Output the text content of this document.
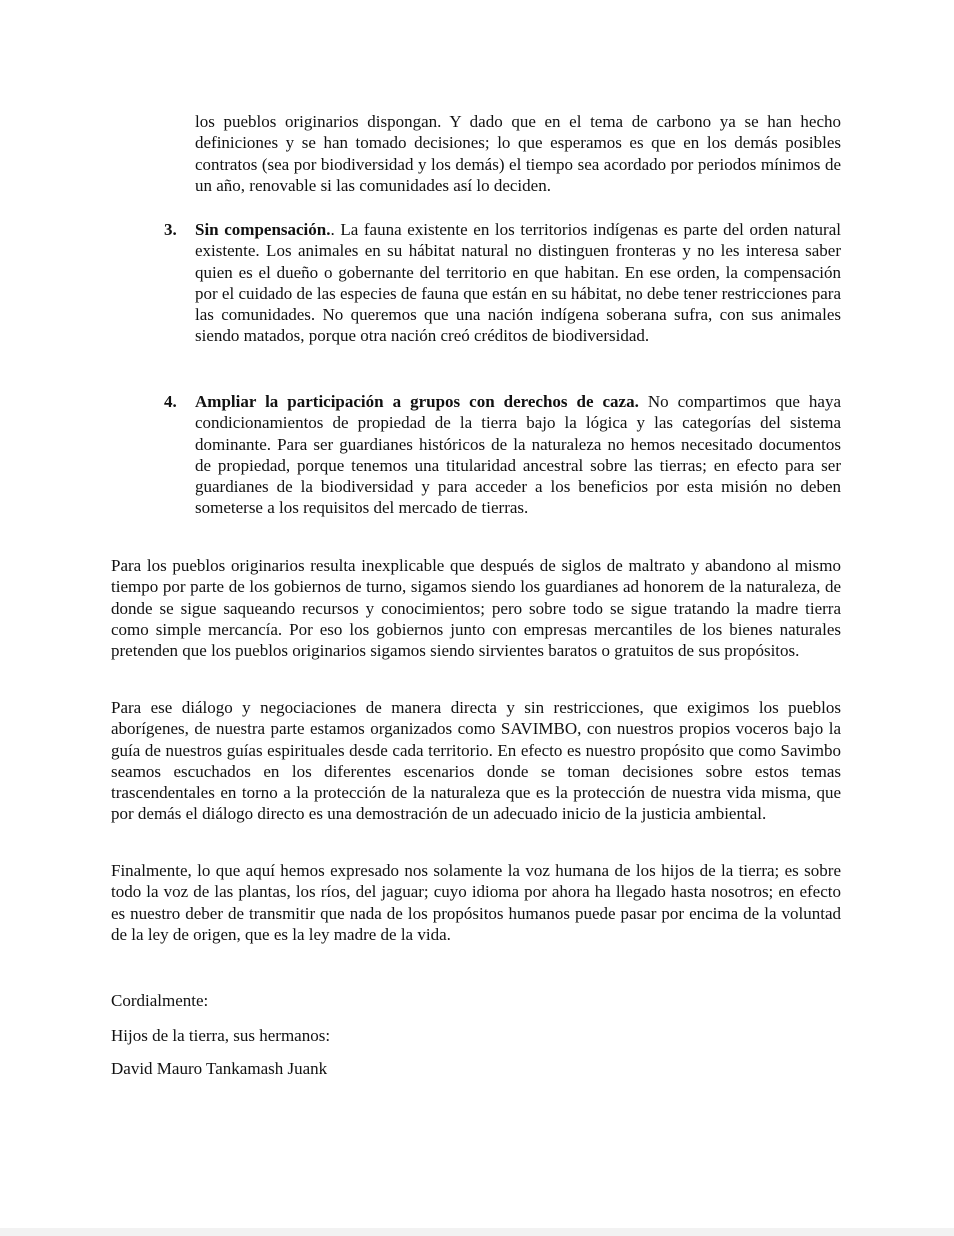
los pueblos originarios dispongan. Y dado que en el tema de carbono ya se han hecho definiciones y se han tomado decisiones; lo que esperamos es que en los demás posibles contratos (sea por biodiversidad y los demás) el tiempo sea acordado por periodos mínimos de un año, renovable si las comunidades así lo deciden.

3. Sin compensación.. La fauna existente en los territorios indígenas es parte del orden natural existente. Los animales en su hábitat natural no distinguen fronteras y no les interesa saber quien es el dueño o gobernante del territorio en que habitan. En ese orden, la compensación por el cuidado de las especies de fauna que están en su hábitat, no debe tener restricciones para las comunidades. No queremos que una nación indígena soberana sufra, con sus animales siendo matados, porque otra nación creó créditos de biodiversidad.

4. Ampliar la participación a grupos con derechos de caza. No compartimos que haya condicionamientos de propiedad de la tierra bajo la lógica y las categorías del sistema dominante. Para ser guardianes históricos de la naturaleza no hemos necesitado documentos de propiedad, porque tenemos una titularidad ancestral sobre las tierras; en efecto para ser guardianes de la biodiversidad y para acceder a los beneficios por esta misión no deben someterse a los requisitos del mercado de tierras.

Para los pueblos originarios resulta inexplicable que después de siglos de maltrato y abandono al mismo tiempo por parte de los gobiernos de turno, sigamos siendo los guardianes ad honorem de la naturaleza, de donde se sigue saqueando recursos y conocimientos; pero sobre todo se sigue tratando la madre tierra como simple mercancía. Por eso los gobiernos junto con empresas mercantiles de los bienes naturales pretenden que los pueblos originarios sigamos siendo sirvientes baratos o gratuitos de sus propósitos.

Para ese diálogo y negociaciones de manera directa y sin restricciones, que exigimos los pueblos aborígenes, de nuestra parte estamos organizados como SAVIMBO, con nuestros propios voceros bajo la guía de nuestros guías espirituales desde cada territorio. En efecto es nuestro propósito que como Savimbo seamos escuchados en los diferentes escenarios donde se toman decisiones sobre estos temas trascendentales en torno a la protección de la naturaleza que es la protección de nuestra vida misma, que por demás el diálogo directo es una demostración de un adecuado inicio de la justicia ambiental.

Finalmente, lo que aquí hemos expresado nos solamente la voz humana de los hijos de la tierra; es sobre todo la voz de las plantas, los ríos, del jaguar; cuyo idioma por ahora ha llegado hasta nosotros; en efecto es nuestro deber de transmitir que nada de los propósitos humanos puede pasar por encima de la voluntad de la ley de origen, que es la ley madre de la vida.

Cordialmente:

Hijos de la tierra, sus hermanos:

David Mauro Tankamash Juank
